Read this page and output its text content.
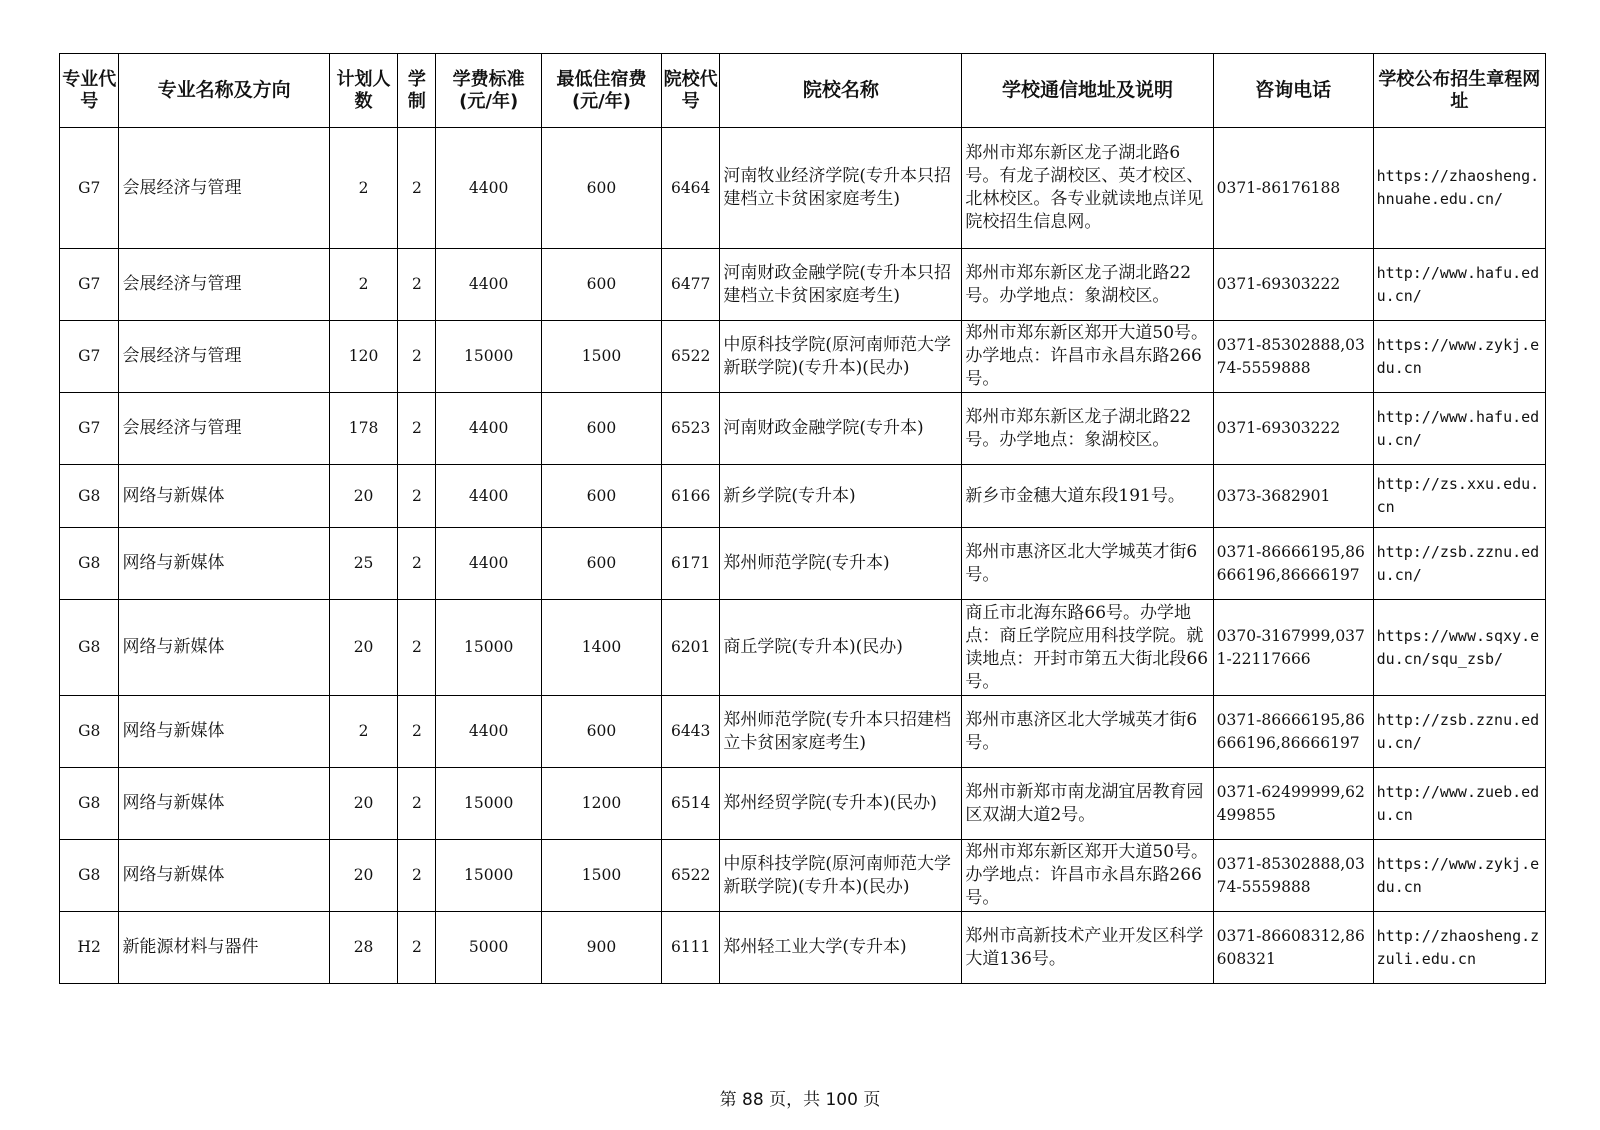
专业代号	专业名称及方向	计划人数	学制	学费标准(元/年)	最低住宿费(元/年)	院校代号	院校名称	学校通信地址及说明	咨询电话	学校公布招生章程网址
G7	会展经济与管理	2	2	4400	600	6464	河南牧业经济学院(专升本只招建档立卡贫困家庭考生)	郑州市郑东新区龙子湖北路6号。有龙子湖校区、英才校区、北林校区。各专业就读地点详见院校招生信息网。	0371-86176188	https://zhaosheng.hnuahe.edu.cn/
G7	会展经济与管理	2	2	4400	600	6477	河南财政金融学院(专升本只招建档立卡贫困家庭考生)	郑州市郑东新区龙子湖北路22号。办学地点：象湖校区。	0371-69303222	http://www.hafu.edu.cn/
G7	会展经济与管理	120	2	15000	1500	6522	中原科技学院(原河南师范大学新联学院)(专升本)(民办)	郑州市郑东新区郑开大道50号。办学地点：许昌市永昌东路266号。	0371-85302888,0374-5559888	https://www.zykj.edu.cn
G7	会展经济与管理	178	2	4400	600	6523	河南财政金融学院(专升本)	郑州市郑东新区龙子湖北路22号。办学地点：象湖校区。	0371-69303222	http://www.hafu.edu.cn/
G8	网络与新媒体	20	2	4400	600	6166	新乡学院(专升本)	新乡市金穗大道东段191号。	0373-3682901	http://zs.xxu.edu.cn
G8	网络与新媒体	25	2	4400	600	6171	郑州师范学院(专升本)	郑州市惠济区北大学城英才街6号。	0371-86666195,86666196,86666197	http://zsb.zznu.edu.cn/
G8	网络与新媒体	20	2	15000	1400	6201	商丘学院(专升本)(民办)	商丘市北海东路66号。办学地点：商丘学院应用科技学院。就读地点：开封市第五大街北段66号。	0370-3167999,0371-22117666	https://www.sqxy.edu.cn/squ_zsb/
G8	网络与新媒体	2	2	4400	600	6443	郑州师范学院(专升本只招建档立卡贫困家庭考生)	郑州市惠济区北大学城英才街6号。	0371-86666195,86666196,86666197	http://zsb.zznu.edu.cn/
G8	网络与新媒体	20	2	15000	1200	6514	郑州经贸学院(专升本)(民办)	郑州市新郑市南龙湖宜居教育园区双湖大道2号。	0371-62499999,62499855	http://www.zueb.edu.cn
G8	网络与新媒体	20	2	15000	1500	6522	中原科技学院(原河南师范大学新联学院)(专升本)(民办)	郑州市郑东新区郑开大道50号。办学地点：许昌市永昌东路266号。	0371-85302888,0374-5559888	https://www.zykj.edu.cn
H2	新能源材料与器件	28	2	5000	900	6111	郑州轻工业大学(专升本)	郑州市高新技术产业开发区科学大道136号。	0371-86608312,86608321	http://zhaosheng.zzuli.edu.cn
第 88 页，共 100 页
